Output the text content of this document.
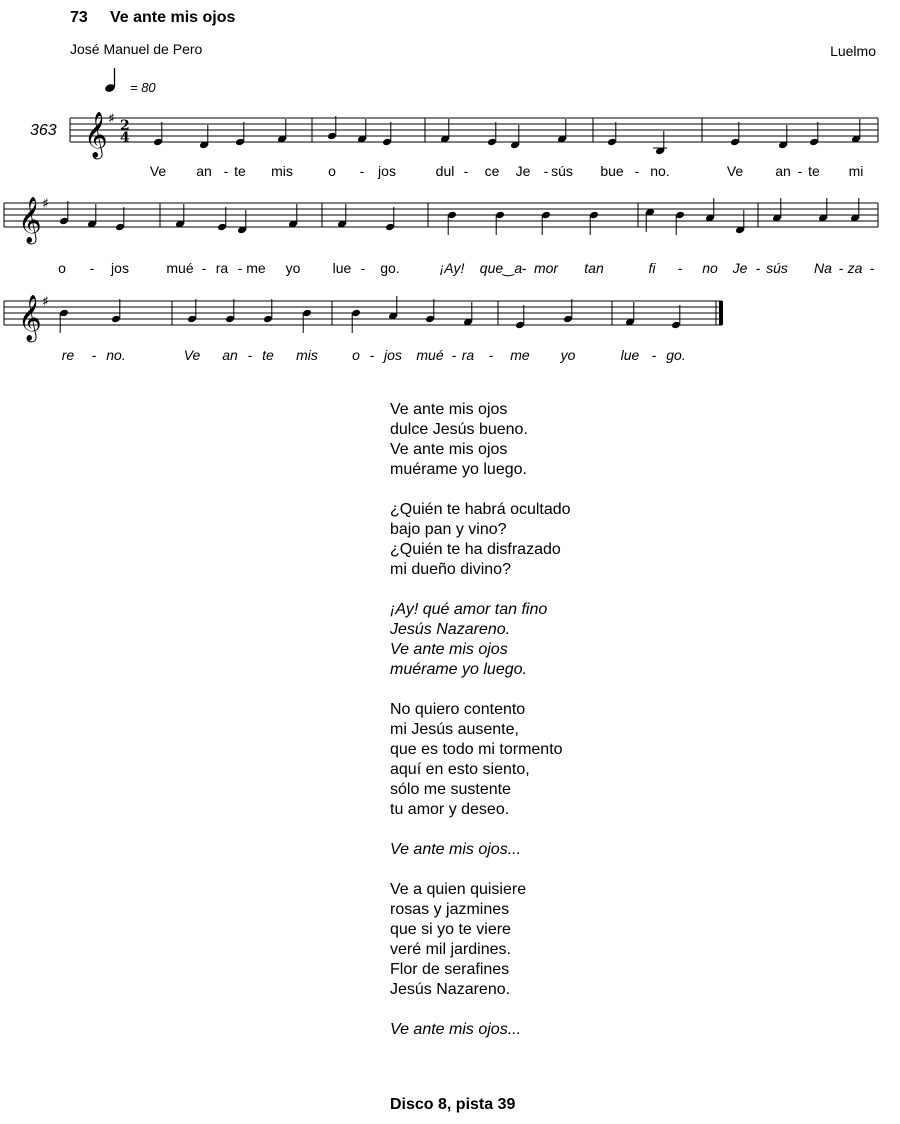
73 Ve ante mis ojos
José Manuel de Pero	Luelmo
= 80
363 𝄞 ♯ 2
4
𝄞 ♯
𝄞 ♯
Ve an - te mis	o - jos	dul - ce Je - sús bue - no.	Ve an - te mi
o - jos	mué - ra - me yo lue - go.	¡Ay! que‿a - mor tan	fi - no Je - sús Na - za -
re - no.	Ve an - te mis o - jos mué - ra - me yo	lue - go.
Ve ante mis ojos
dulce Jesús bueno.
Ve ante mis ojos
muérame yo luego.
¿Quién te habrá ocultado
bajo pan y vino?
¿Quién te ha disfrazado
mi dueño divino?
¡Ay! qué amor tan fino
Jesús Nazareno.
Ve ante mis ojos
muérame yo luego.
No quiero contento
mi Jesús ausente,
que es todo mi tormento
aquí en esto siento,
sólo me sustente
tu amor y deseo.
Ve ante mis ojos...
Ve a quien quisiere
rosas y jazmines
que si yo te viere
veré mil jardines.
Flor de serafines
Jesús Nazareno.
Ve ante mis ojos...
Disco 8, pista 39
